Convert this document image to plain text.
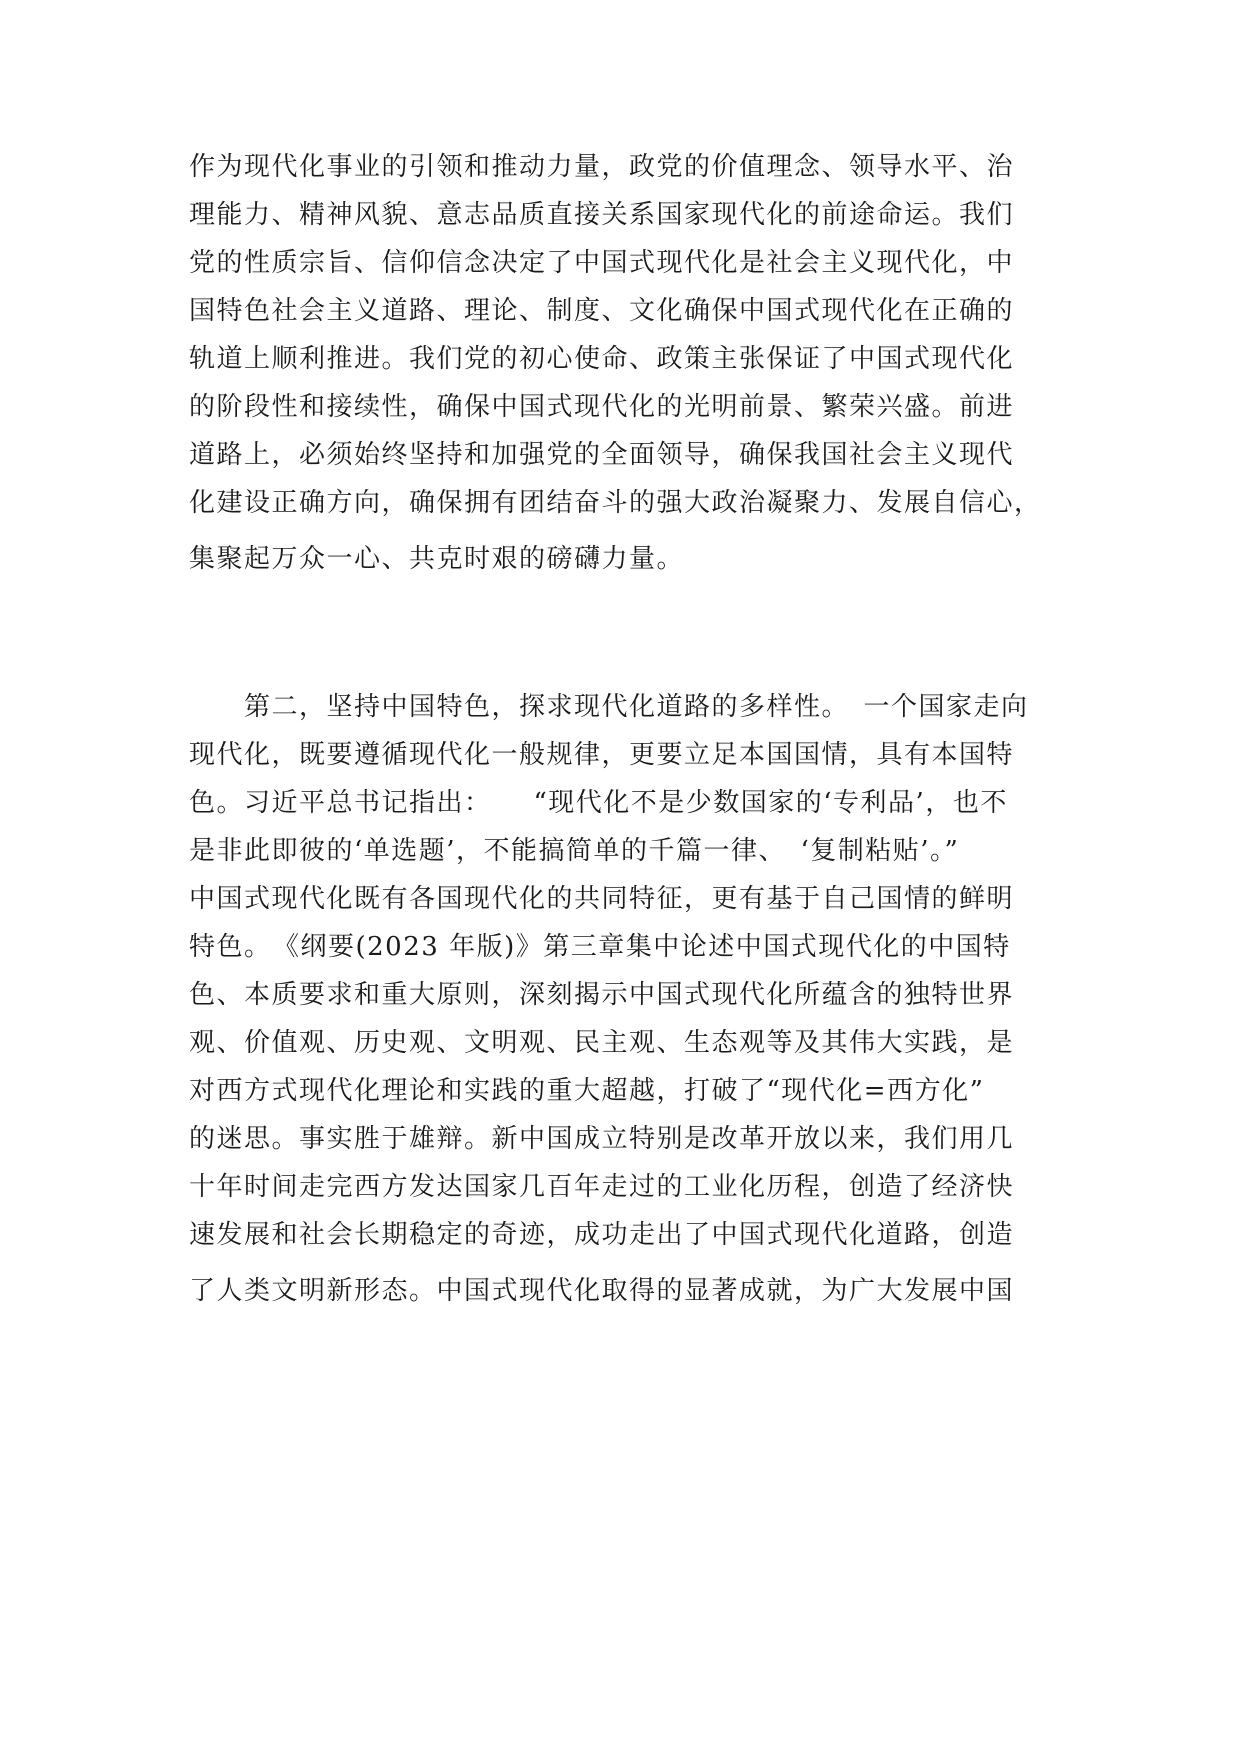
作为现代化事业的引领和推动力量，政党的价值理念、领导水平、治
理能力、精神风貌、意志品质直接关系国家现代化的前途命运。我们
党的性质宗旨、信仰信念决定了中国式现代化是社会主义现代化，中
国特色社会主义道路、理论、制度、文化确保中国式现代化在正确的
轨道上顺利推进。我们党的初心使命、政策主张保证了中国式现代化
的阶段性和接续性，确保中国式现代化的光明前景、繁荣兴盛。前进
道路上，必须始终坚持和加强党的全面领导，确保我国社会主义现代
化建设正确方向，确保拥有团结奋斗的强大政治凝聚力、发展自信心，
集聚起万众一心、共克时艰的磅礴力量。
　　第二，坚持中国特色，探求现代化道路的多样性。　一个国家走向
现代化，既要遵循现代化一般规律，更要立足本国国情，具有本国特
色。习近平总书记指出：　　“现代化不是少数国家的‘专利品’，也不
是非此即彼的‘单选题’，不能搞简单的千篇一律、　‘复制粘贴’。”
中国式现代化既有各国现代化的共同特征，更有基于自己国情的鲜明
特色。　《纲要(2023 年版)》第三章集中论述中国式现代化的中国特
色、本质要求和重大原则，深刻揭示中国式现代化所蕴含的独特世界
观、价值观、历史观、文明观、民主观、生态观等及其伟大实践，是
对西方式现代化理论和实践的重大超越，打破了“现代化=西方化”
的迷思。事实胜于雄辩。新中国成立特别是改革开放以来，我们用几
十年时间走完西方发达国家几百年走过的工业化历程，创造了经济快
速发展和社会长期稳定的奇迹，成功走出了中国式现代化道路，创造
了人类文明新形态。中国式现代化取得的显著成就，为广大发展中国
